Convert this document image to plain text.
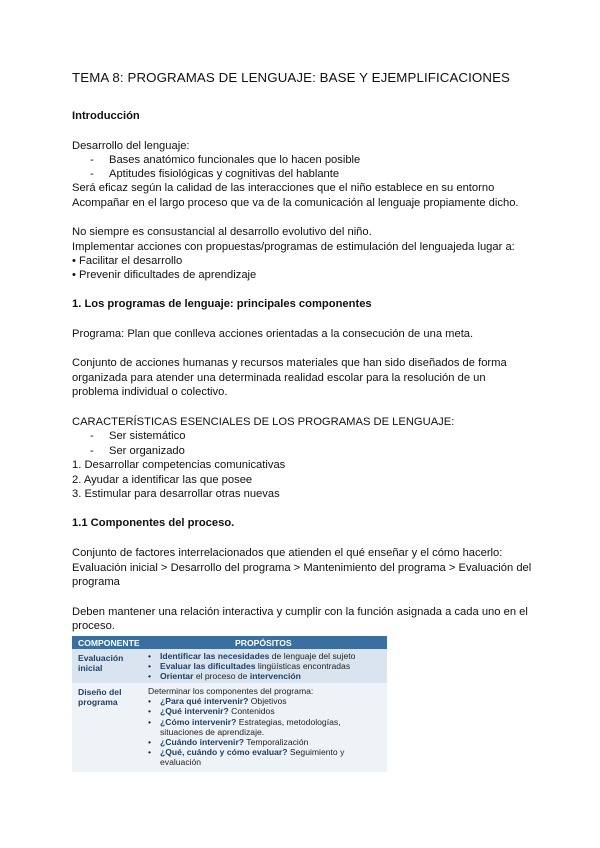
TEMA 8: PROGRAMAS DE LENGUAJE: BASE Y EJEMPLIFICACIONES
Introducción
Desarrollo del lenguaje:
- Bases anatómico funcionales que lo hacen posible
- Aptitudes fisiológicas y cognitivas del hablante
Será eficaz según la calidad de las interacciones que el niño establece en su entorno
Acompañar en el largo proceso que va de la comunicación al lenguaje propiamente dicho.
No siempre es consustancial al desarrollo evolutivo del niño.
Implementar acciones con propuestas/programas de estimulación del lenguajeda lugar a:
• Facilitar el desarrollo
• Prevenir dificultades de aprendizaje
1. Los programas de lenguaje: principales componentes
Programa: Plan que conlleva acciones orientadas a la consecución de una meta.
Conjunto de acciones humanas y recursos materiales que han sido diseñados de forma
organizada para atender una determinada realidad escolar para la resolución de un
problema individual o colectivo.
CARACTERÍSTICAS ESENCIALES DE LOS PROGRAMAS DE LENGUAJE:
- Ser sistemático
- Ser organizado
1. Desarrollar competencias comunicativas
2. Ayudar a identificar las que posee
3. Estimular para desarrollar otras nuevas
1.1 Componentes del proceso.
Conjunto de factores interrelacionados que atienden el qué enseñar y el cómo hacerlo:
Evaluación inicial > Desarrollo del programa > Mantenimiento del programa > Evaluación del
programa
Deben mantener una relación interactiva y cumplir con la función asignada a cada uno en el
proceso.
COMPONENTE	PROPÓSITOS
Evaluación
inicial
• Identificar las necesidades de lenguaje del sujeto
• Evaluar las dificultades lingüísticas encontradas
• Orientar el proceso de intervención
Diseño del
programa
Determinar los componentes del programa:
• ¿Para qué intervenir? Objetivos
• ¿Qué intervenir? Contenidos
• ¿Cómo intervenir? Estrategias, metodologías,
situaciones de aprendizaje.
• ¿Cuándo intervenir? Temporalización
• ¿Qué, cuándo y cómo evaluar? Seguimiento y
evaluación
